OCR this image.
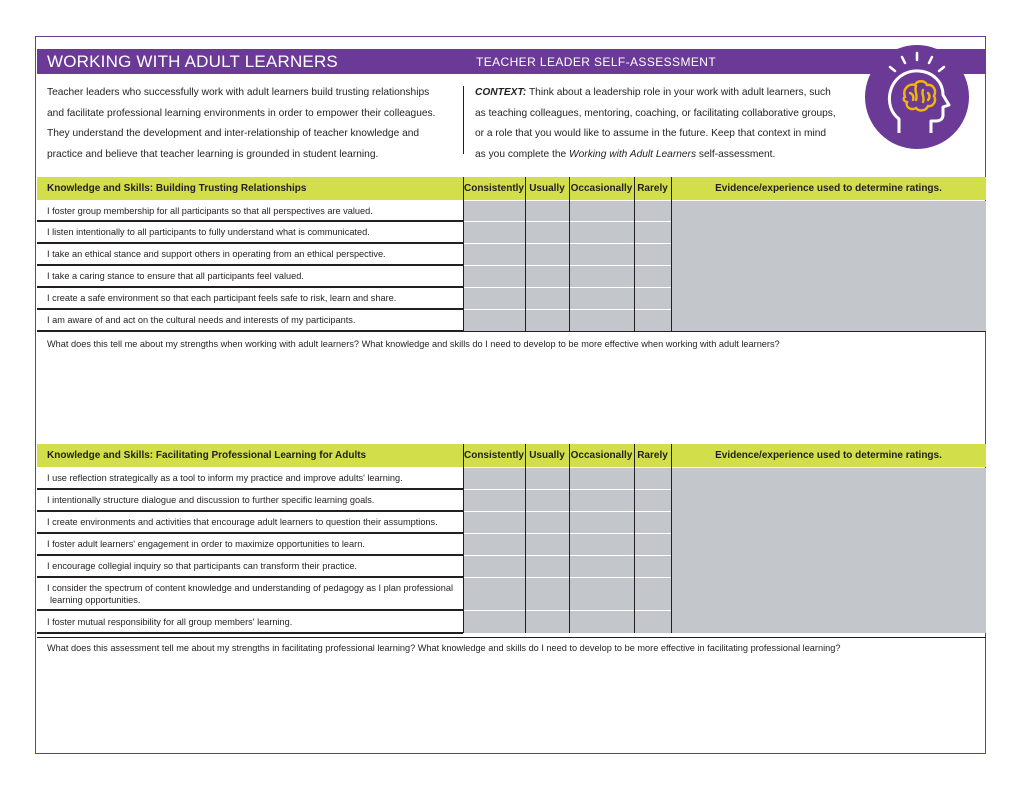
WORKING WITH ADULT LEARNERS	TEACHER LEADER SELF-ASSESSMENT
Teacher leaders who successfully work with adult learners build trusting relationships
and facilitate professional learning environments in order to empower their colleagues.
They understand the development and inter-relationship of teacher knowledge and
practice and believe that teacher learning is grounded in student learning.
CONTEXT: Think about a leadership role in your work with adult learners, such
as teaching colleagues, mentoring, coaching, or facilitating collaborative groups,
or a role that you would like to assume in the future. Keep that context in mind
as you complete the Working with Adult Learners self-assessment.
Knowledge and Skills: Building Trusting Relationships	Consistently Usually Occasionally Rarely	Evidence/experience used to determine ratings.
I foster group membership for all participants so that all perspectives are valued.
I listen intentionally to all participants to fully understand what is communicated.
I take an ethical stance and support others in operating from an ethical perspective.
I take a caring stance to ensure that all participants feel valued.
I create a safe environment so that each participant feels safe to risk, learn and share.
I am aware of and act on the cultural needs and interests of my participants.
Knowledge and Skills: Facilitating Professional Learning for Adults	Consistently Usually Occasionally Rarely	Evidence/experience used to determine ratings.
I use reflection strategically as a tool to inform my practice and improve adults' learning.
I intentionally structure dialogue and discussion to further specific learning goals.
I create environments and activities that encourage adult learners to question their assumptions.
I foster adult learners' engagement in order to maximize opportunities to learn.
I encourage collegial inquiry so that participants can transform their practice.
I consider the spectrum of content knowledge and understanding of pedagogy as I plan professional
learning opportunities.
I foster mutual responsibility for all group members' learning.
What does this tell me about my strengths when working with adult learners? What knowledge and skills do I need to develop to be more effective when working with adult learners?
What does this assessment tell me about my strengths in facilitating professional learning? What knowledge and skills do I need to develop to be more effective in facilitating professional learning?
